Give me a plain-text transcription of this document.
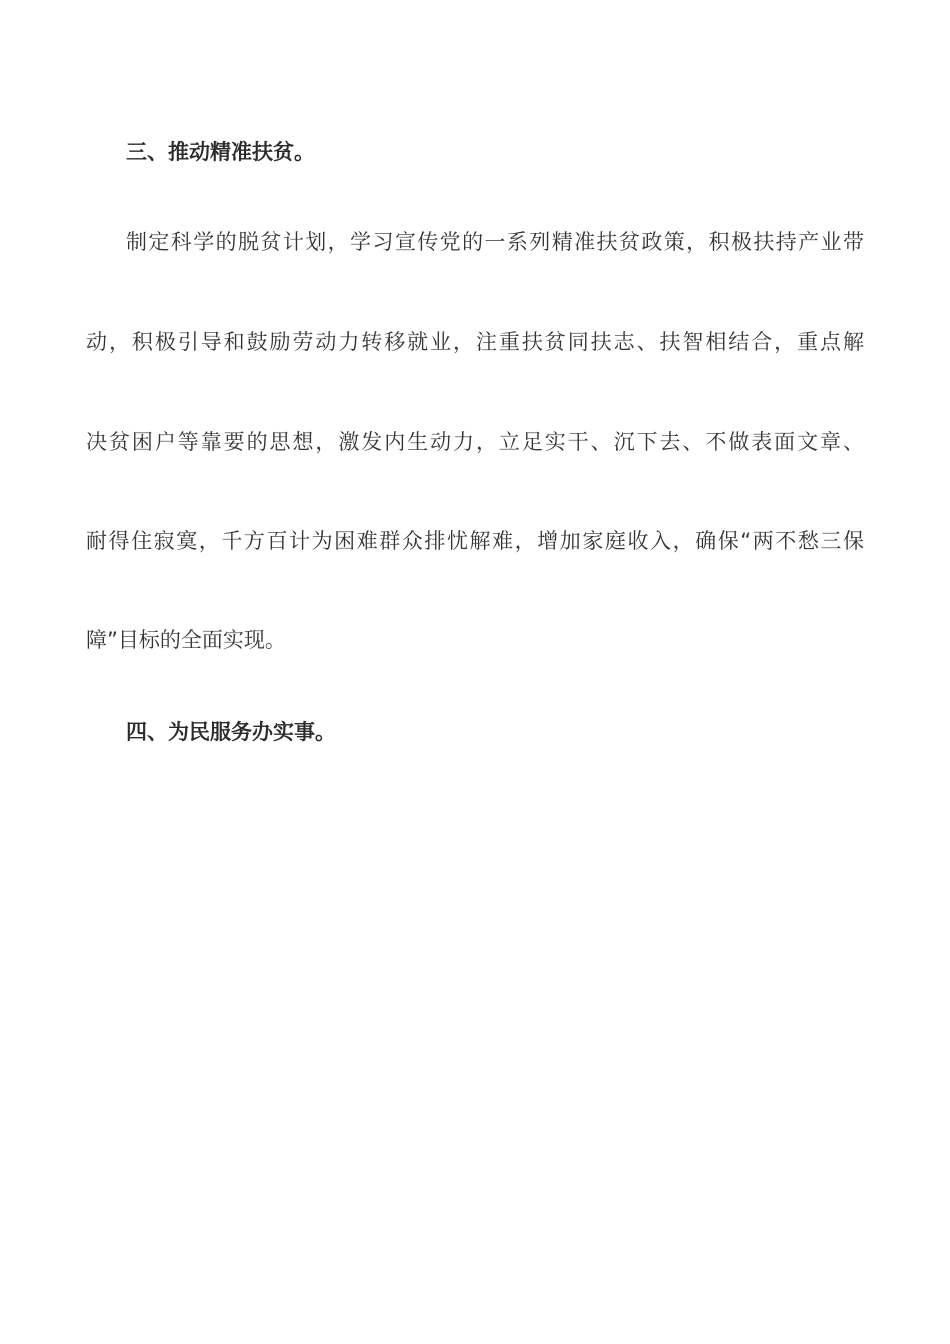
三、推动精准扶贫。
制定科学的脱贫计划，学习宣传党的一系列精准扶贫政策，积极扶持产业带
动，积极引导和鼓励劳动力转移就业，注重扶贫同扶志、扶智相结合，重点解
决贫困户等靠要的思想，激发内生动力，立足实干、沉下去、不做表面文章、
耐得住寂寞，千方百计为困难群众排忧解难，增加家庭收入，确保“两不愁三保
障”目标的全面实现。
四、为民服务办实事。
